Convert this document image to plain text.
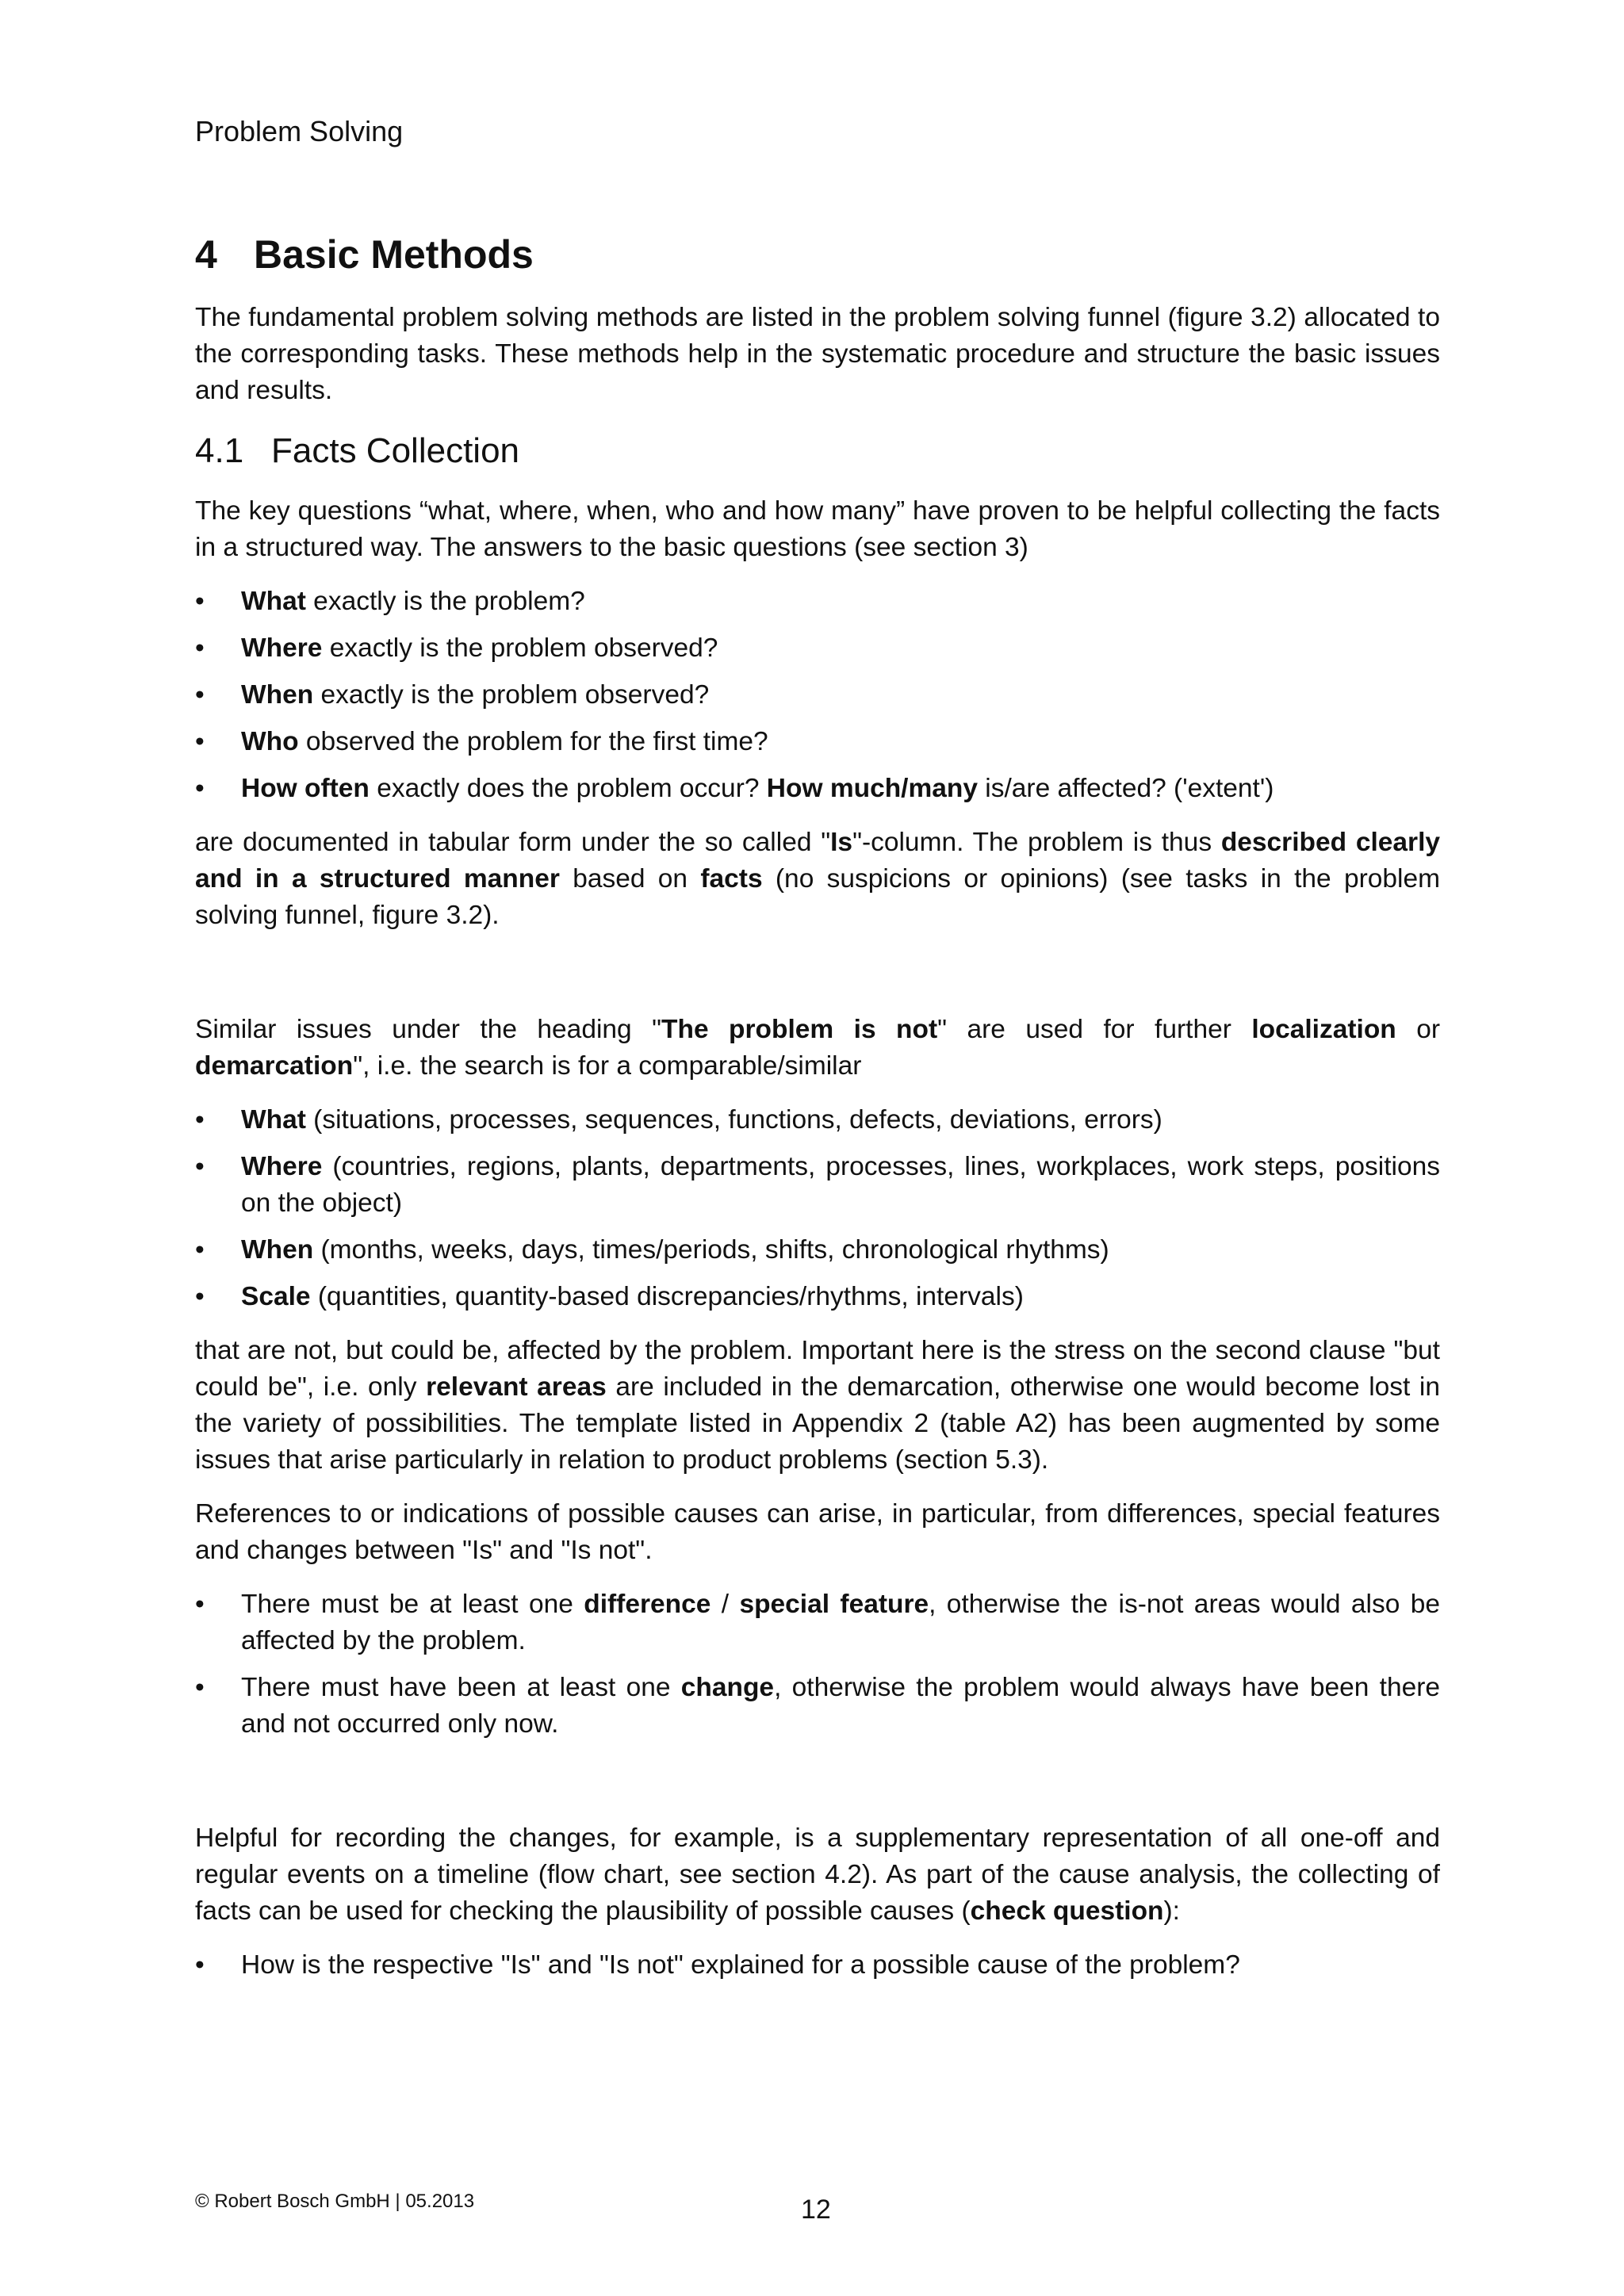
Problem Solving
4 Basic Methods

The fundamental problem solving methods are listed in the problem solving funnel (figure 3.2) allocated to the corresponding tasks. These methods help in the systematic procedure and structure the basic issues and results.

4.1 Facts Collection

The key questions “what, where, when, who and how many” have proven to be helpful collecting the facts in a structured way. The answers to the basic questions (see section 3)

• What exactly is the problem?
• Where exactly is the problem observed?
• When exactly is the problem observed?
• Who observed the problem for the first time?
• How often exactly does the problem occur? How much/many is/are affected? ('extent')

are documented in tabular form under the so called "Is"-column. The problem is thus described clearly and in a structured manner based on facts (no suspicions or opinions) (see tasks in the problem solving funnel, figure 3.2).

Similar issues under the heading "The problem is not" are used for further localization or demarcation", i.e. the search is for a comparable/similar

• What (situations, processes, sequences, functions, defects, deviations, errors)
• Where (countries, regions, plants, departments, processes, lines, workplaces, work steps, positions on the object)
• When (months, weeks, days, times/periods, shifts, chronological rhythms)
• Scale (quantities, quantity-based discrepancies/rhythms, intervals)

that are not, but could be, affected by the problem. Important here is the stress on the second clause "but could be", i.e. only relevant areas are included in the demarcation, otherwise one would become lost in the variety of possibilities. The template listed in Appendix 2 (table A2) has been augmented by some issues that arise particularly in relation to product problems (section 5.3).

References to or indications of possible causes can arise, in particular, from differences, special features and changes between "Is" and "Is not".

• There must be at least one difference / special feature, otherwise the is-not areas would also be affected by the problem.
• There must have been at least one change, otherwise the problem would always have been there and not occurred only now.

Helpful for recording the changes, for example, is a supplementary representation of all one-off and regular events on a timeline (flow chart, see section 4.2). As part of the cause analysis, the collecting of facts can be used for checking the plausibility of possible causes (check question):

• How is the respective "Is" and "Is not" explained for a possible cause of the problem?
© Robert Bosch GmbH | 05.2013	12
